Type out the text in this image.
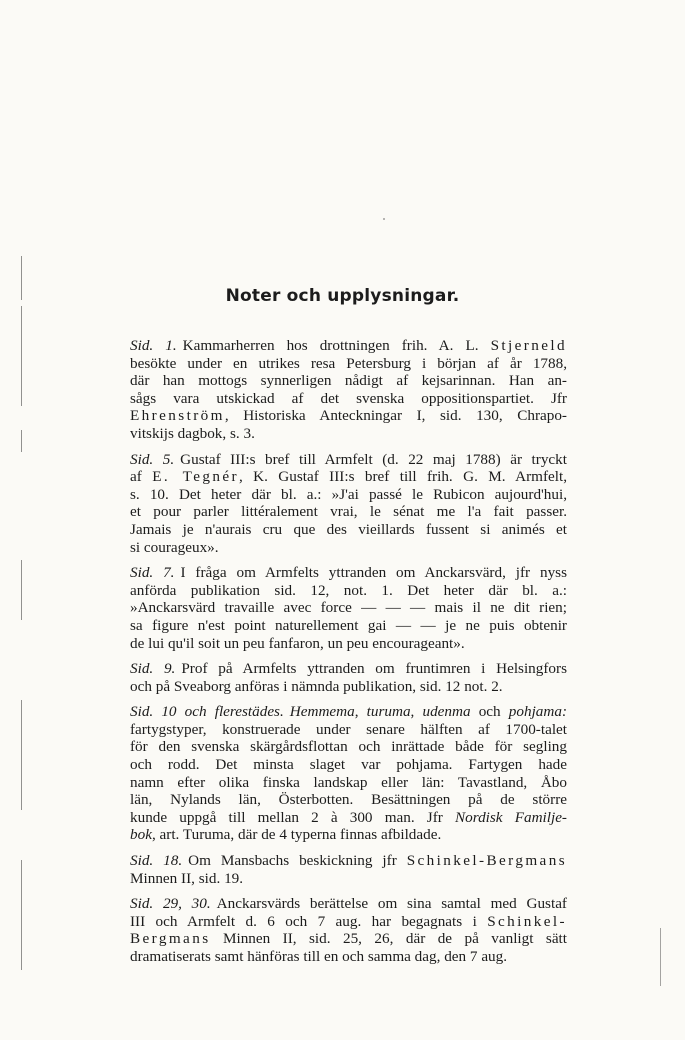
Noter och upplysningar.
Sid. 1. Kammarherren hos drottningen frih. A. L. Stjerneld
besökte under en utrikes resa Petersburg i början af år 1788,
där han mottogs synnerligen nådigt af kejsarinnan. Han an-
sågs vara utskickad af det svenska oppositionspartiet. Jfr
Ehrenström, Historiska Anteckningar I, sid. 130, Chrapo-
vitskijs dagbok, s. 3.
Sid. 5. Gustaf III:s bref till Armfelt (d. 22 maj 1788) är tryckt
af E. Tegnér, K. Gustaf III:s bref till frih. G. M. Armfelt,
s. 10. Det heter där bl. a.: »J'ai passé le Rubicon aujourd'hui,
et pour parler littéralement vrai, le sénat me l'a fait passer.
Jamais je n'aurais cru que des vieillards fussent si animés et
si courageux».
Sid. 7. I fråga om Armfelts yttranden om Anckarsvärd, jfr nyss
anförda publikation sid. 12, not. 1. Det heter där bl. a.:
»Anckarsvärd travaille avec force — — — mais il ne dit rien;
sa figure n'est point naturellement gai — — je ne puis obtenir
de lui qu'il soit un peu fanfaron, un peu encourageant».
Sid. 9. Prof på Armfelts yttranden om fruntimren i Helsingfors
och på Sveaborg anföras i nämnda publikation, sid. 12 not. 2.
Sid. 10 och flerestädes. Hemmema, turuma, udenma och pohjama:
fartygstyper, konstruerade under senare hälften af 1700-talet
för den svenska skärgårdsflottan och inrättade både för segling
och rodd. Det minsta slaget var pohjama. Fartygen hade
namn efter olika finska landskap eller län: Tavastland, Åbo
län, Nylands län, Österbotten. Besättningen på de större
kunde uppgå till mellan 2 à 300 man. Jfr Nordisk Familje-
bok, art. Turuma, där de 4 typerna finnas afbildade.
Sid. 18. Om Mansbachs beskickning jfr Schinkel-Bergmans
Minnen II, sid. 19.
Sid. 29, 30. Anckarsvärds berättelse om sina samtal med Gustaf
III och Armfelt d. 6 och 7 aug. har begagnats i Schinkel-
Bergmans Minnen II, sid. 25, 26, där de på vanligt sätt
dramatiserats samt hänföras till en och samma dag, den 7 aug.
